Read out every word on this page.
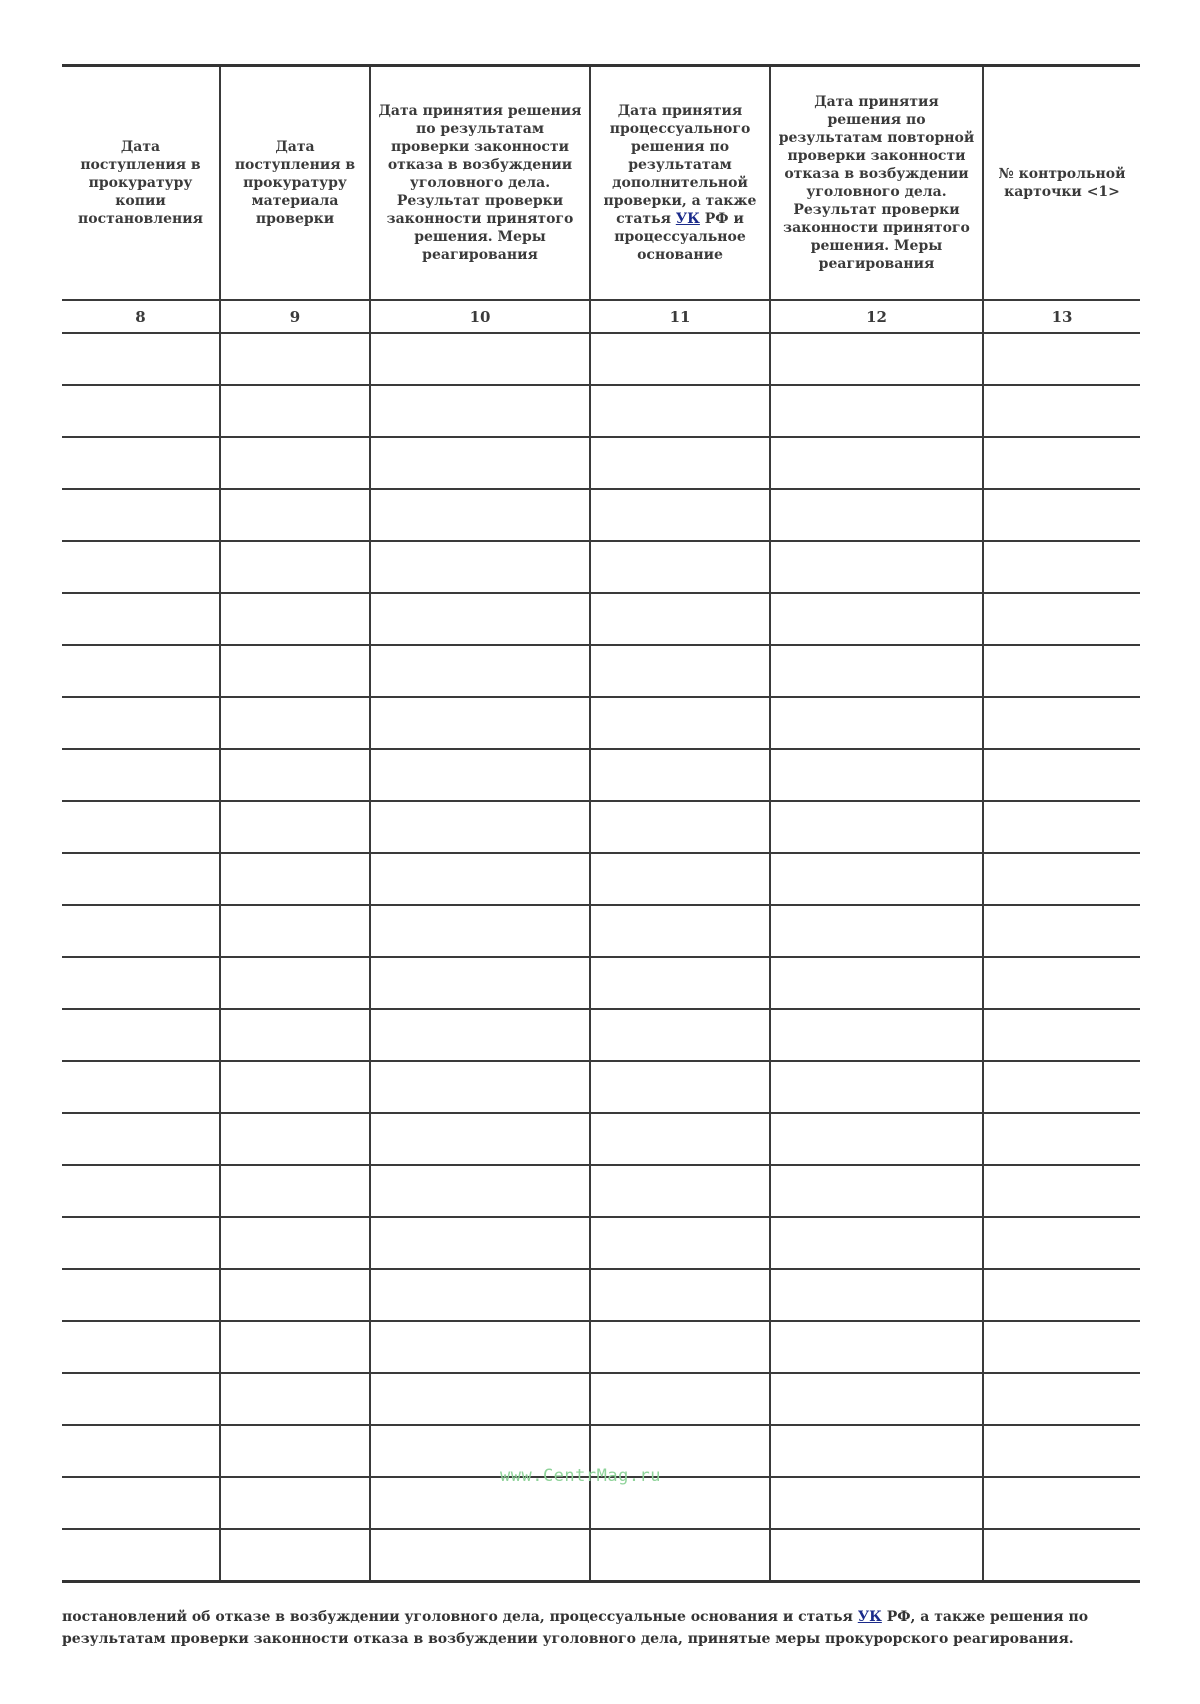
Дата поступления в прокуратуру копии постановления	Дата поступления в прокуратуру материала проверки	Дата принятия решения по результатам проверки законности отказа в возбуждении уголовного дела. Результат проверки законности принятого решения. Меры реагирования	Дата принятия процессуального решения по результатам дополнительной проверки, а также статья УК РФ и процессуальное основание	Дата принятия решения по результатам повторной проверки законности отказа в возбуждении уголовного дела. Результат проверки законности принятого решения. Меры реагирования	№ контрольной карточки <1>

8	9	10	11	12	13

www.CentrMag.ru
постановлений об отказе в возбуждении уголовного дела, процессуальные основания и статья УК РФ, а также решения по результатам проверки законности отказа в возбуждении уголовного дела, принятые меры прокурорского реагирования.
